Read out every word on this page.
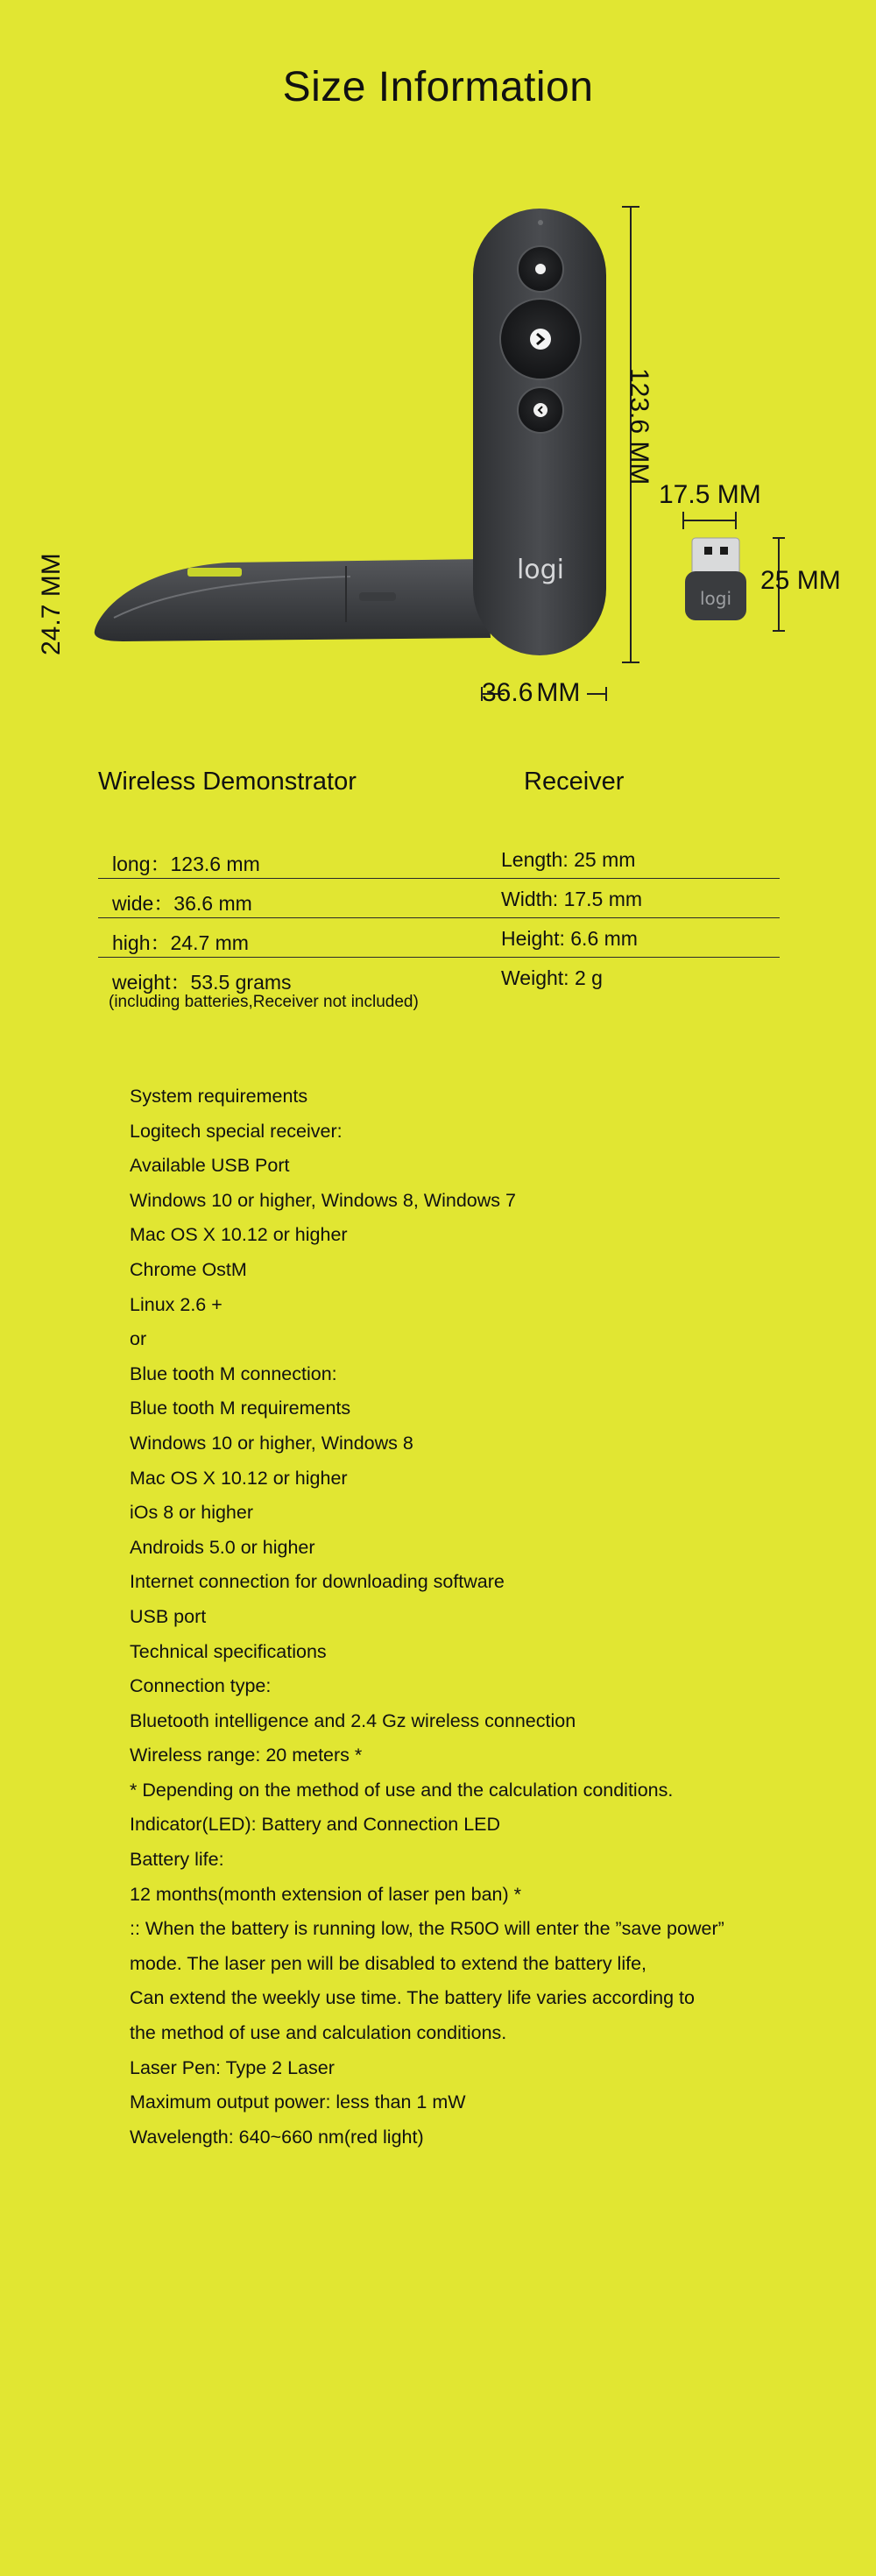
Size Information
logi
logi
123.6 MM
36.6 MM
24.7 MM
17.5 MM
25 MM
Wireless Demonstrator	Receiver
long：123.6 mm	Length: 25 mm
wide：36.6 mm	Width: 17.5 mm
high：24.7 mm	Height: 6.6 mm
weight：53.5 grams	Weight: 2 g
(including batteries,Receiver not included)
System requirements
Logitech special receiver:
Available USB Port
Windows 10 or higher, Windows 8, Windows 7
Mac OS X 10.12 or higher
Chrome OstM
Linux 2.6 +
or
Blue tooth M connection:
Blue tooth M requirements
Windows 10 or higher, Windows 8
Mac OS X 10.12 or higher
iOs 8 or higher
Androids 5.0 or higher
Internet connection for downloading software
USB port
Technical specifications
Connection type:
Bluetooth intelligence and 2.4 Gz wireless connection
Wireless range: 20 meters *
* Depending on the method of use and the calculation conditions.
Indicator(LED): Battery and Connection LED
Battery life:
12 months(month extension of laser pen ban) *
:: When the battery is running low, the R50O will enter the ”save power”
mode. The laser pen will be disabled to extend the battery life,
Can extend the weekly use time. The battery life varies according to
the method of use and calculation conditions.
Laser Pen: Type 2 Laser
Maximum output power: less than 1 mW
Wavelength: 640~660 nm(red light)
